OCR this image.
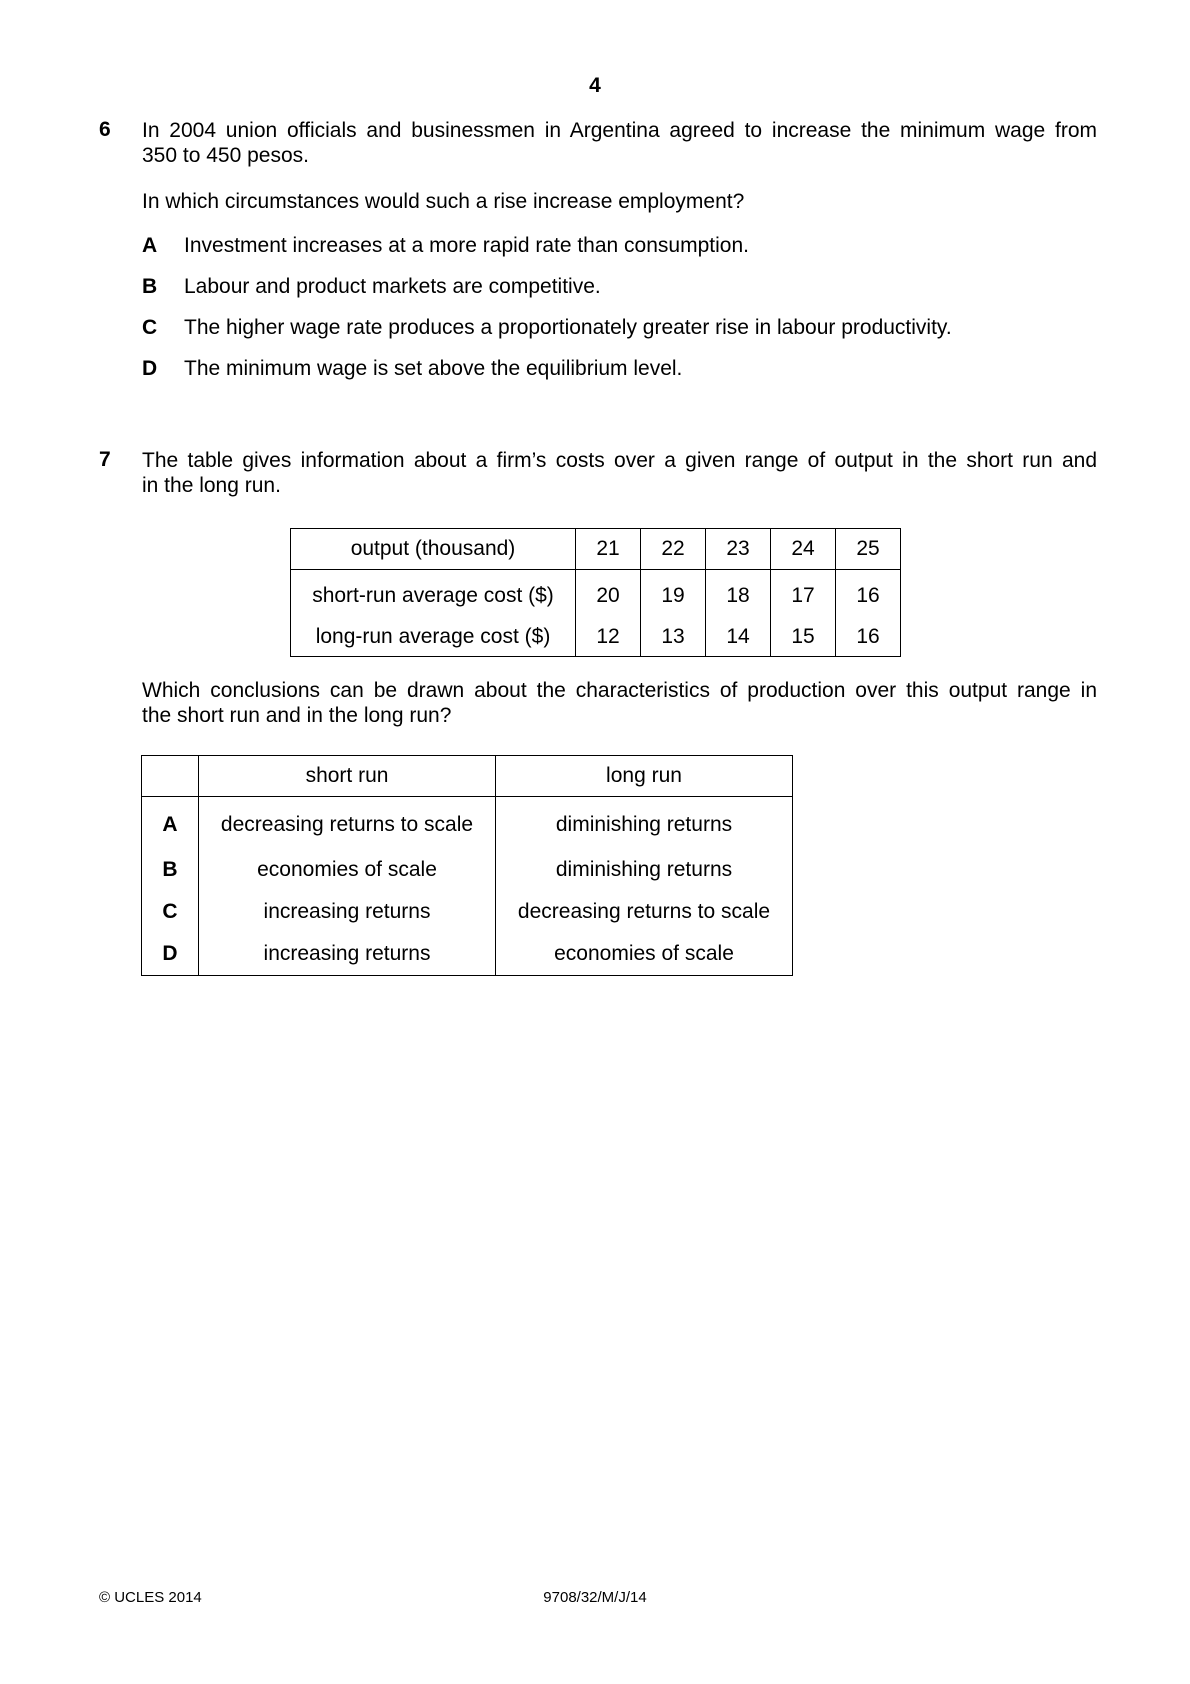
4
6 In 2004 union officials and businessmen in Argentina agreed to increase the minimum wage from
350 to 450 pesos.
In which circumstances would such a rise increase employment?
A Investment increases at a more rapid rate than consumption.
B Labour and product markets are competitive.
C The higher wage rate produces a proportionately greater rise in labour productivity.
D The minimum wage is set above the equilibrium level.
7 The table gives information about a firm’s costs over a given range of output in the short run and
in the long run.
output (thousand)	21	22	23	24	25
short-run average cost ($)	20	19	18	17	16
long-run average cost ($)	12	13	14	15	16
Which conclusions can be drawn about the characteristics of production over this output range in
the short run and in the long run?
	short run	long run
A	decreasing returns to scale	diminishing returns
B	economies of scale	diminishing returns
C	increasing returns	decreasing returns to scale
D	increasing returns	economies of scale
© UCLES 2014	9708/32/M/J/14
